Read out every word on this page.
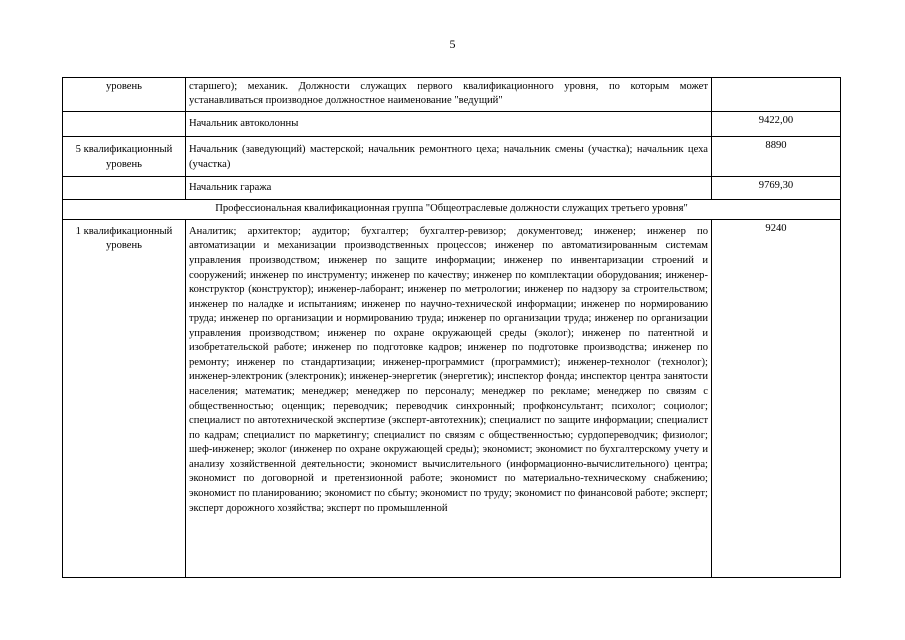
5
уровень	старшего); механик. Должности служащих первого квалификационного уровня, по которым может устанавливаться производное должностное наименование "ведущий"	
	Начальник автоколонны	9422,00
5 квалификационный уровень	Начальник (заведующий) мастерской; начальник ремонтного цеха; начальник смены (участка); начальник цеха (участка)	8890
	Начальник гаража	9769,30
Профессиональная квалификационная группа "Общеотраслевые должности служащих третьего уровня"		
1 квалификационный уровень	Аналитик; архитектор; аудитор; бухгалтер; бухгалтер-ревизор; документовед; инженер; инженер по автоматизации и механизации производственных процессов; инженер по автоматизированным системам управления производством; инженер по защите информации; инженер по инвентаризации строений и сооружений; инженер по инструменту; инженер по качеству; инженер по комплектации оборудования; инженер-конструктор (конструктор); инженер-лаборант; инженер по метрологии; инженер по надзору за строительством; инженер по наладке и испытаниям; инженер по научно-технической информации; инженер по нормированию труда; инженер по организации и нормированию труда; инженер по организации труда; инженер по организации управления производством; инженер по охране окружающей среды (эколог); инженер по патентной и изобретательской работе; инженер по подготовке кадров; инженер по подготовке производства; инженер по ремонту; инженер по стандартизации; инженер-программист (программист); инженер-технолог (технолог); инженер-электроник (электроник); инженер-энергетик (энергетик); инспектор фонда; инспектор центра занятости населения; математик; менеджер; менеджер по персоналу; менеджер по рекламе; менеджер по связям с общественностью; оценщик; переводчик; переводчик синхронный; профконсультант; психолог; социолог; специалист по автотехнической экспертизе (эксперт-автотехник); специалист по защите информации; специалист по кадрам; специалист по маркетингу; специалист по связям с общественностью; сурдопереводчик; физиолог; шеф-инженер; эколог (инженер по охране окружающей среды); экономист; экономист по бухгалтерскому учету и анализу хозяйственной деятельности; экономист вычислительного (информационно-вычислительного) центра; экономист по договорной и претензионной работе; экономист по материально-техническому снабжению; экономист по планированию; экономист по сбыту; экономист по труду; экономист по финансовой работе; эксперт; эксперт дорожного хозяйства; эксперт по промышленной	9240
